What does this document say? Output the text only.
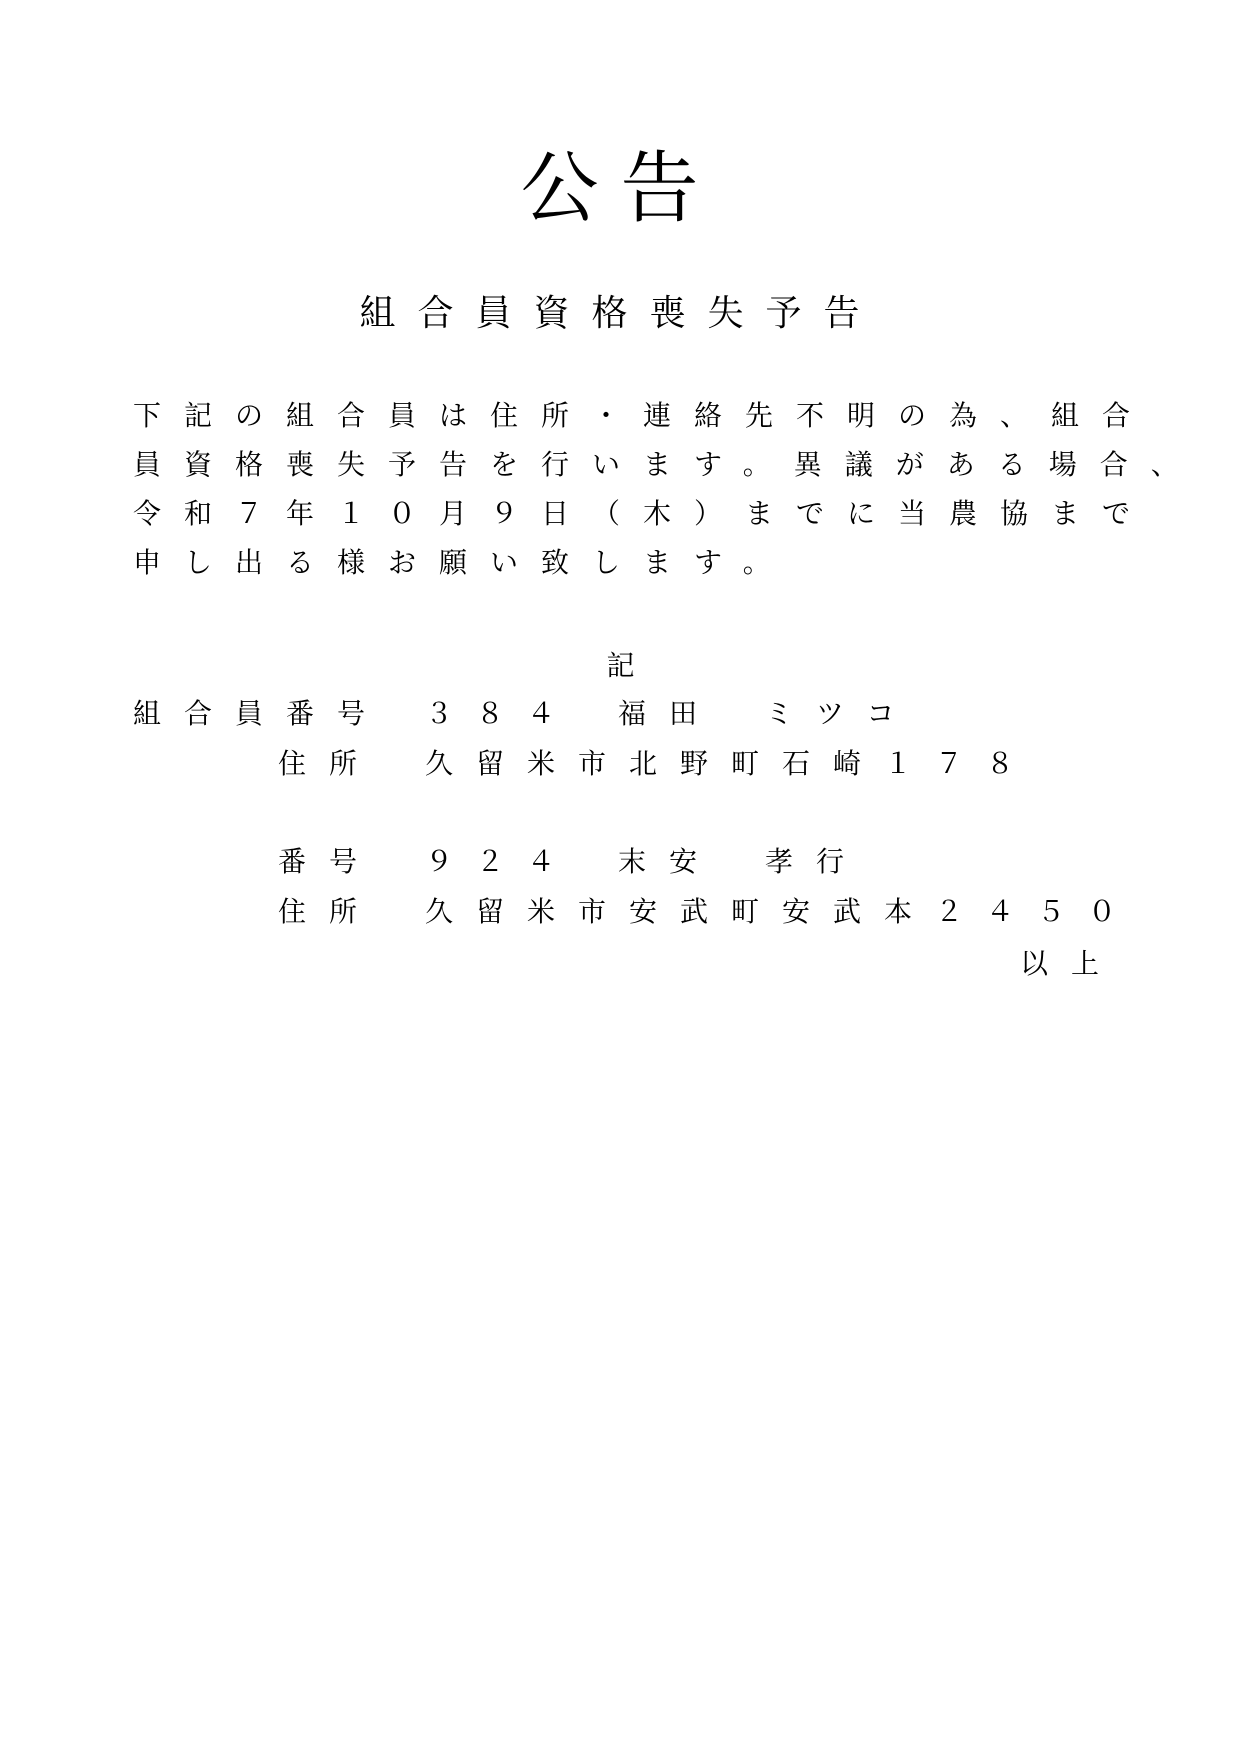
公告
組合員資格喪失予告
下記の組合員は住所・連絡先不明の為、組合
員資格喪失予告を行います。異議がある場合、
令和７年１０月９日（木）までに当農協まで
申し出る様お願い致します。
記
組合員番号 ３８４ 福田 ミツコ
住所 久留米市北野町石崎１７８
番号 ９２４ 末安 孝行
住所 久留米市安武町安武本２４５０
以上
